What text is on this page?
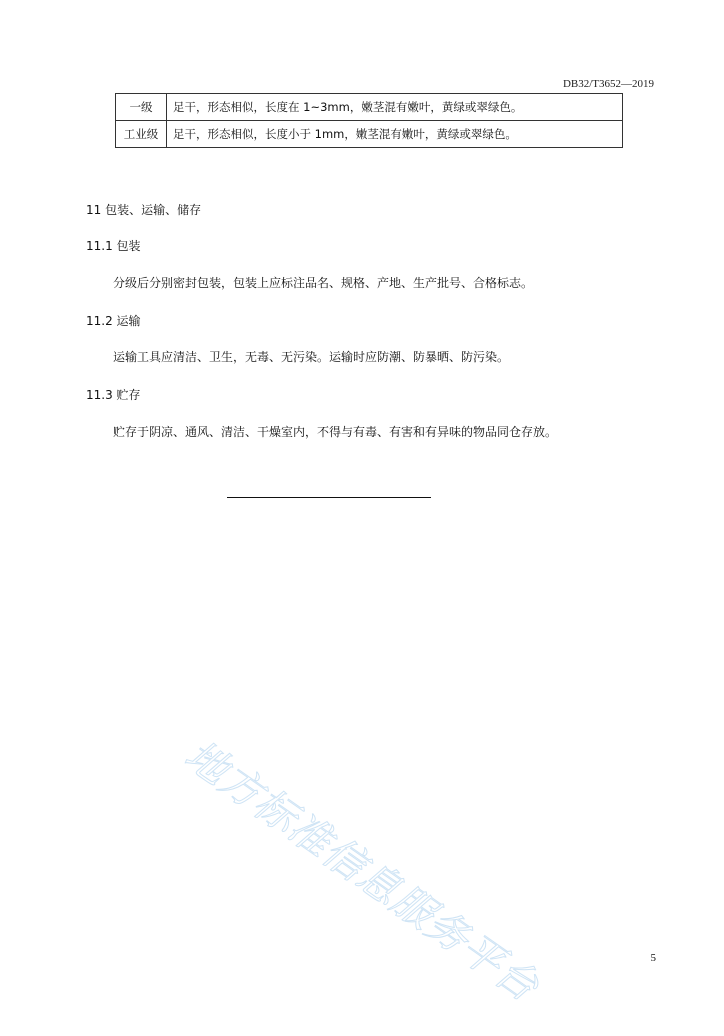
DB32/T3652—2019
一级	足干，形态相似，长度在 1~3mm，嫩茎混有嫩叶，黄绿或翠绿色。
工业级	足干，形态相似，长度小于 1mm，嫩茎混有嫩叶，黄绿或翠绿色。
11 包装、运输、储存
11.1 包装
分级后分别密封包装，包装上应标注品名、规格、产地、生产批号、合格标志。
11.2 运输
运输工具应清洁、卫生，无毒、无污染。运输时应防潮、防暴晒、防污染。
11.3 贮存
贮存于阴凉、通风、清洁、干燥室内，不得与有毒、有害和有异味的物品同仓存放。
地方标准信息服务平台	5
